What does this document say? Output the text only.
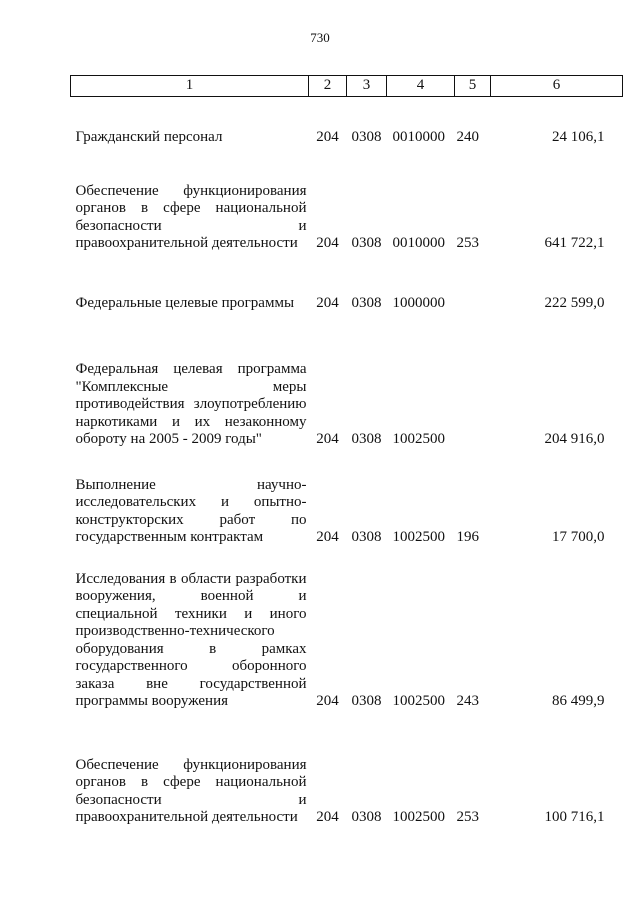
730
1	2	3	4	5	6
Гражданский персонал	204	0308	0010000	240	24 106,1
Обеспечение функционирования органов в сфере национальной безопасности и правоохранительной деятельности	204	0308	0010000	253	641 722,1
Федеральные целевые программы	204	0308	1000000		222 599,0
Федеральная целевая программа "Комплексные меры противодействия злоупотреблению наркотиками и их незаконному обороту на 2005 - 2009 годы"	204	0308	1002500		204 916,0
Выполнение научно-исследовательских и опытно-конструкторских работ по государственным контрактам	204	0308	1002500	196	17 700,0
Исследования в области разработки вооружения, военной и специальной техники и иного производственно-технического оборудования в рамках государственного оборонного заказа вне государственной программы вооружения	204	0308	1002500	243	86 499,9
Обеспечение функционирования органов в сфере национальной безопасности и правоохранительной деятельности	204	0308	1002500	253	100 716,1
